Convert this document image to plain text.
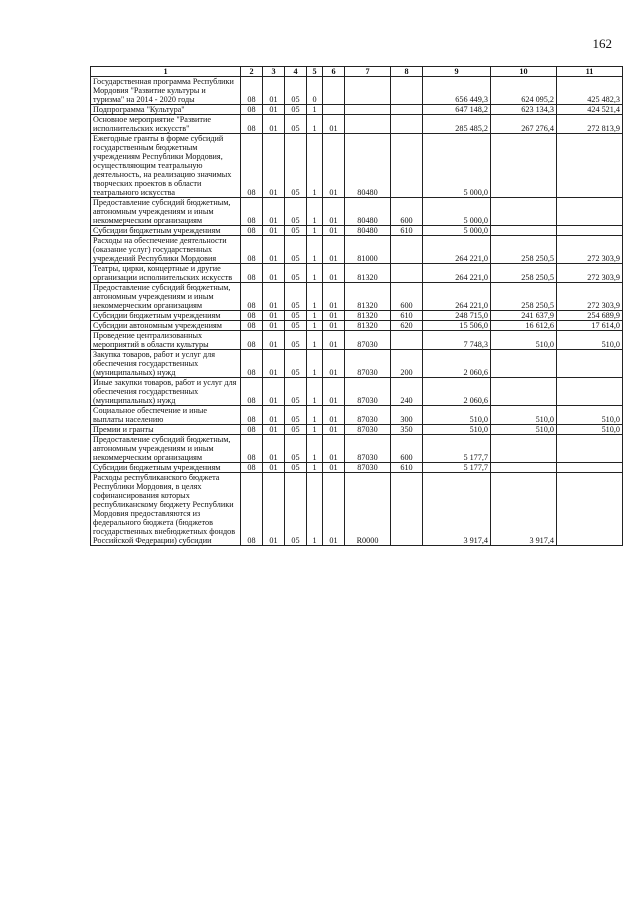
162
1	2	3	4	5	6	7	8	9	10	11
Государственная программа Республики Мордовия "Развитие культуры и туризма" на 2014 - 2020 годы	08	01	05	0				656 449,3	624 095,2	425 482,3
Подпрограмма "Культура"	08	01	05	1				647 148,2	623 134,3	424 521,4
Основное мероприятие "Развитие исполнительских искусств"	08	01	05	1	01			285 485,2	267 276,4	272 813,9
Ежегодные гранты в форме субсидий государственным бюджетным учреждениям Республики Мордовия, осуществляющим театральную деятельность, на реализацию значимых творческих проектов в области театрального искусства	08	01	05	1	01	80480		5 000,0		
Предоставление субсидий бюджетным, автономным учреждениям и иным некоммерческим организациям	08	01	05	1	01	80480	600	5 000,0		
Субсидии бюджетным учреждениям	08	01	05	1	01	80480	610	5 000,0		
Расходы на обеспечение деятельности (оказание услуг) государственных учреждений Республики Мордовия	08	01	05	1	01	81000		264 221,0	258 250,5	272 303,9
Театры, цирки, концертные и другие организации исполнительских искусств	08	01	05	1	01	81320		264 221,0	258 250,5	272 303,9
Предоставление субсидий бюджетным, автономным учреждениям и иным некоммерческим организациям	08	01	05	1	01	81320	600	264 221,0	258 250,5	272 303,9
Субсидии бюджетным учреждениям	08	01	05	1	01	81320	610	248 715,0	241 637,9	254 689,9
Субсидии автономным учреждениям	08	01	05	1	01	81320	620	15 506,0	16 612,6	17 614,0
Проведение централизованных мероприятий в области культуры	08	01	05	1	01	87030		7 748,3	510,0	510,0
Закупка товаров, работ и услуг для обеспечения государственных (муниципальных) нужд	08	01	05	1	01	87030	200	2 060,6		
Иные закупки товаров, работ и услуг для обеспечения государственных (муниципальных) нужд	08	01	05	1	01	87030	240	2 060,6		
Социальное обеспечение и иные выплаты населению	08	01	05	1	01	87030	300	510,0	510,0	510,0
Премии и гранты	08	01	05	1	01	87030	350	510,0	510,0	510,0
Предоставление субсидий бюджетным, автономным учреждениям и иным некоммерческим организациям	08	01	05	1	01	87030	600	5 177,7		
Субсидии бюджетным учреждениям	08	01	05	1	01	87030	610	5 177,7		
Расходы республиканского бюджета Республики Мордовия, в целях софинансирования которых республиканскому бюджету Республики Мордовия предоставляются из федерального бюджета (бюджетов государственных внебюджетных фондов Российской Федерации) субсидии	08	01	05	1	01	R0000		3 917,4	3 917,4	
